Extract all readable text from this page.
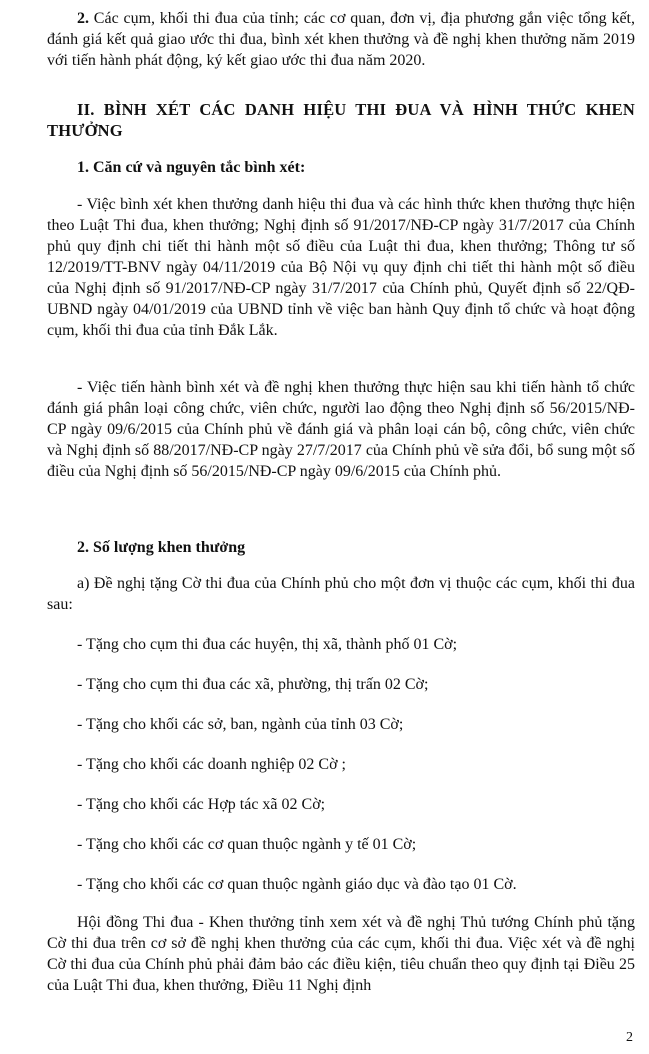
2. Các cụm, khối thi đua của tỉnh; các cơ quan, đơn vị, địa phương gắn việc tổng kết, đánh giá kết quả giao ước thi đua, bình xét khen thưởng và đề nghị khen thưởng năm 2019 với tiến hành phát động, ký kết giao ước thi đua năm 2020.
II. BÌNH XÉT CÁC DANH HIỆU THI ĐUA VÀ HÌNH THỨC KHEN THƯỞNG
1. Căn cứ và nguyên tắc bình xét:
- Việc bình xét khen thưởng danh hiệu thi đua và các hình thức khen thưởng thực hiện theo Luật Thi đua, khen thưởng; Nghị định số 91/2017/NĐ-CP ngày 31/7/2017 của Chính phủ quy định chi tiết thi hành một số điều của Luật thi đua, khen thưởng; Thông tư số 12/2019/TT-BNV ngày 04/11/2019 của Bộ Nội vụ quy định chi tiết thi hành một số điều của Nghị định số 91/2017/NĐ-CP ngày 31/7/2017 của Chính phủ, Quyết định số 22/QĐ-UBND ngày 04/01/2019 của UBND tỉnh về việc ban hành Quy định tổ chức và hoạt động cụm, khối thi đua của tỉnh Đắk Lắk.
- Việc tiến hành bình xét và đề nghị khen thưởng thực hiện sau khi tiến hành tổ chức đánh giá phân loại công chức, viên chức, người lao động theo Nghị định số 56/2015/NĐ-CP ngày 09/6/2015 của Chính phủ về đánh giá và phân loại cán bộ, công chức, viên chức và Nghị định số 88/2017/NĐ-CP ngày 27/7/2017 của Chính phủ về sửa đổi, bổ sung một số điều của Nghị định số 56/2015/NĐ-CP ngày 09/6/2015 của Chính phủ.
2. Số lượng khen thưởng
a) Đề nghị tặng Cờ thi đua của Chính phủ cho một đơn vị thuộc các cụm, khối thi đua sau:
- Tặng cho cụm thi đua các huyện, thị xã, thành phố 01 Cờ;
- Tặng cho cụm thi đua các xã, phường, thị trấn 02 Cờ;
- Tặng cho khối các sở, ban, ngành của tỉnh 03 Cờ;
- Tặng cho khối các doanh nghiệp 02 Cờ ;
- Tặng cho khối các Hợp tác xã 02 Cờ;
- Tặng cho khối các cơ quan thuộc ngành y tế 01 Cờ;
- Tặng cho khối các cơ quan thuộc ngành giáo dục và đào tạo 01 Cờ.
Hội đồng Thi đua - Khen thưởng tỉnh xem xét và đề nghị Thủ tướng Chính phủ tặng Cờ thi đua trên cơ sở đề nghị khen thưởng của các cụm, khối thi đua. Việc xét và đề nghị Cờ thi đua của Chính phủ phải đảm bảo các điều kiện, tiêu chuẩn theo quy định tại Điều 25 của Luật Thi đua, khen thưởng, Điều 11 Nghị định
2
